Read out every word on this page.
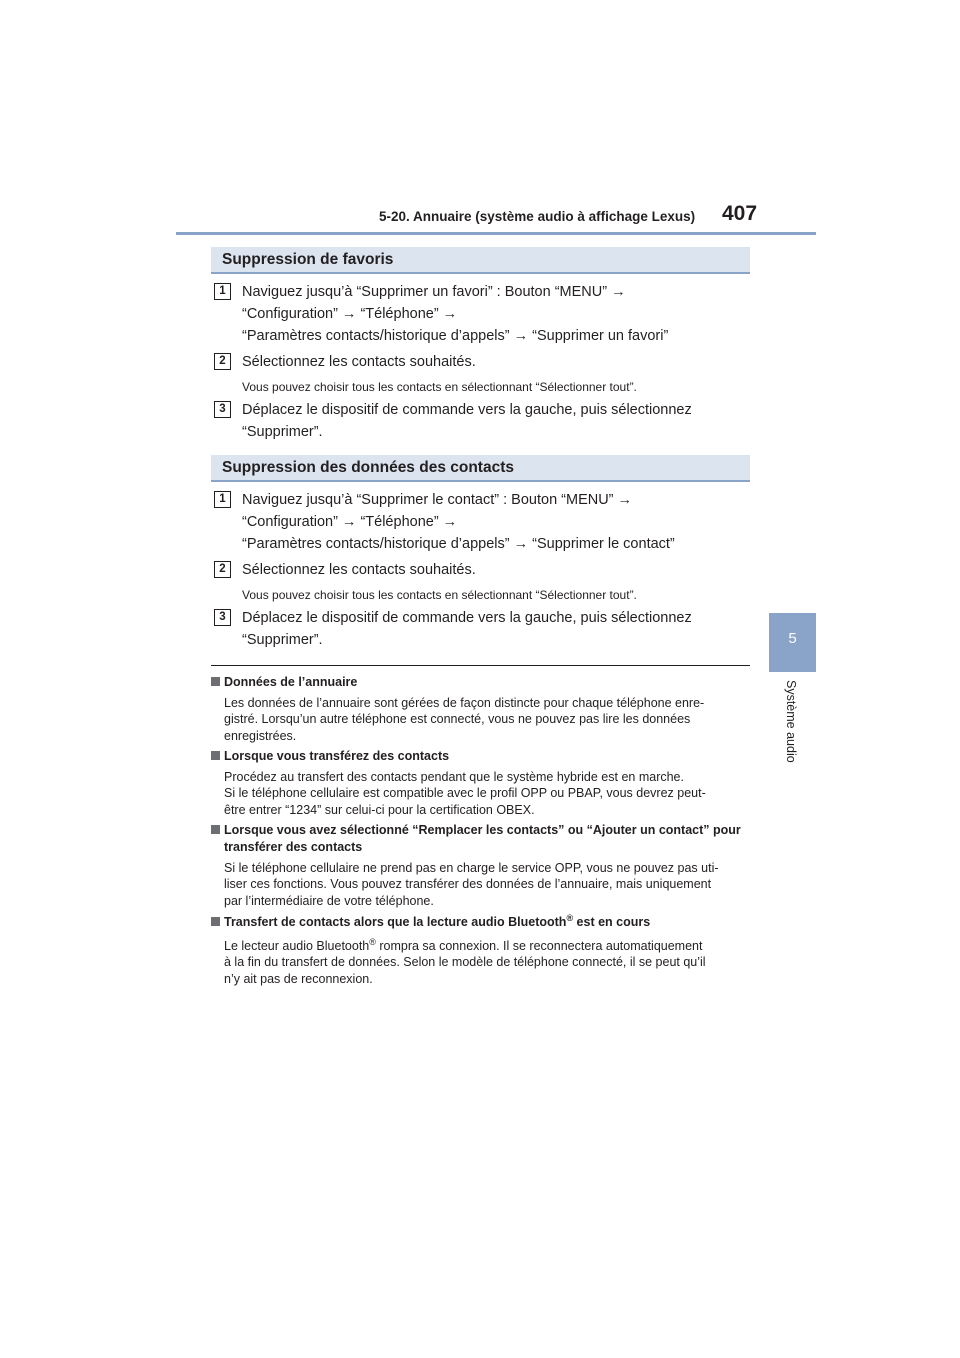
5-20. Annuaire (système audio à affichage Lexus) 407
5
Système audio
Suppression de favoris
1	Naviguez jusqu’à “Supprimer un favori” : Bouton “MENU” →
“Configuration” → “Téléphone” →
“Paramètres contacts/historique d’appels” → “Supprimer un favori”
2	Sélectionnez les contacts souhaités.
Vous pouvez choisir tous les contacts en sélectionnant “Sélectionner tout”.
3	Déplacez le dispositif de commande vers la gauche, puis sélectionnez
“Supprimer”.
Suppression des données des contacts
1	Naviguez jusqu’à “Supprimer le contact” : Bouton “MENU” →
“Configuration” → “Téléphone” →
“Paramètres contacts/historique d’appels” → “Supprimer le contact”
2	Sélectionnez les contacts souhaités.
Vous pouvez choisir tous les contacts en sélectionnant “Sélectionner tout”.
3	Déplacez le dispositif de commande vers la gauche, puis sélectionnez
“Supprimer”.
Données de l’annuaire
Les données de l’annuaire sont gérées de façon distincte pour chaque téléphone enre-
gistré. Lorsqu’un autre téléphone est connecté, vous ne pouvez pas lire les données
enregistrées.
Lorsque vous transférez des contacts
Procédez au transfert des contacts pendant que le système hybride est en marche.
Si le téléphone cellulaire est compatible avec le profil OPP ou PBAP, vous devrez peut-
être entrer “1234” sur celui-ci pour la certification OBEX.
Lorsque vous avez sélectionné “Remplacer les contacts” ou “Ajouter un contact” pour
transférer des contacts
Si le téléphone cellulaire ne prend pas en charge le service OPP, vous ne pouvez pas uti-
liser ces fonctions. Vous pouvez transférer des données de l’annuaire, mais uniquement
par l’intermédiaire de votre téléphone.
Transfert de contacts alors que la lecture audio Bluetooth® est en cours
Le lecteur audio Bluetooth® rompra sa connexion. Il se reconnectera automatiquement
à la fin du transfert de données. Selon le modèle de téléphone connecté, il se peut qu’il
n’y ait pas de reconnexion.
